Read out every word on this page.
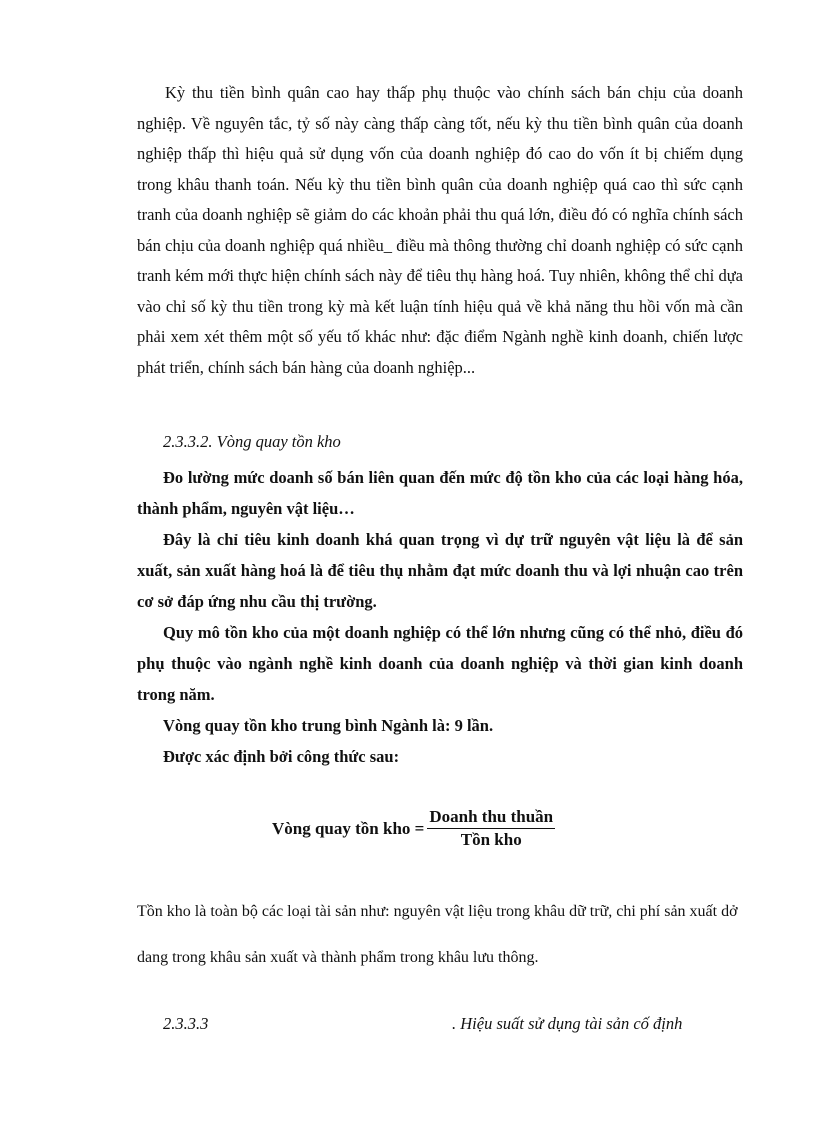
Kỳ thu tiền bình quân cao hay thấp phụ thuộc vào chính sách bán chịu của doanh nghiệp. Về nguyên tắc, tỷ số này càng thấp càng tốt, nếu kỳ thu tiền bình quân của doanh nghiệp thấp thì hiệu quả sử dụng vốn của doanh nghiệp đó cao do vốn ít bị chiếm dụng trong khâu thanh toán. Nếu kỳ thu tiền bình quân của doanh nghiệp quá cao thì sức cạnh tranh của doanh nghiệp sẽ giảm do các khoản phải thu quá lớn, điều đó có nghĩa chính sách bán chịu của doanh nghiệp quá nhiều_ điều mà thông thường chỉ doanh nghiệp có sức cạnh tranh kém mới thực hiện chính sách này để tiêu thụ hàng hoá. Tuy nhiên, không thể chỉ dựa vào chỉ số kỳ thu tiền trong kỳ mà kết luận tính hiệu quả về khả năng thu hồi vốn mà cần phải xem xét thêm một số yếu tố khác như: đặc điểm Ngành nghề kinh doanh, chiến lược phát triển, chính sách bán hàng của doanh nghiệp...

2.3.3.2. Vòng quay tồn kho

Đo lường mức doanh số bán liên quan đến mức độ tồn kho của các loại hàng hóa, thành phẩm, nguyên vật liệu…

Đây là chỉ tiêu kinh doanh khá quan trọng vì dự trữ nguyên vật liệu là để sản xuất, sản xuất hàng hoá là để tiêu thụ nhằm đạt mức doanh thu và lợi nhuận cao trên cơ sở đáp ứng nhu cầu thị trường.

Quy mô tồn kho của một doanh nghiệp có thể lớn nhưng cũng có thể nhỏ, điều đó phụ thuộc vào ngành nghề kinh doanh của doanh nghiệp và thời gian kinh doanh trong năm.

Vòng quay tồn kho trung bình Ngành là: 9 lần.

Được xác định bởi công thức sau:

Vòng quay tồn kho = $\frac{\text{Doanh thu thuần}}{\text{Tồn kho}}$

Tồn kho là toàn bộ các loại tài sản như: nguyên vật liệu trong khâu dữ trữ, chi phí sản xuất dở dang trong khâu sản xuất và thành phẩm trong khâu lưu thông.

2.3.3.3	. Hiệu suất sử dụng tài sản cố định
